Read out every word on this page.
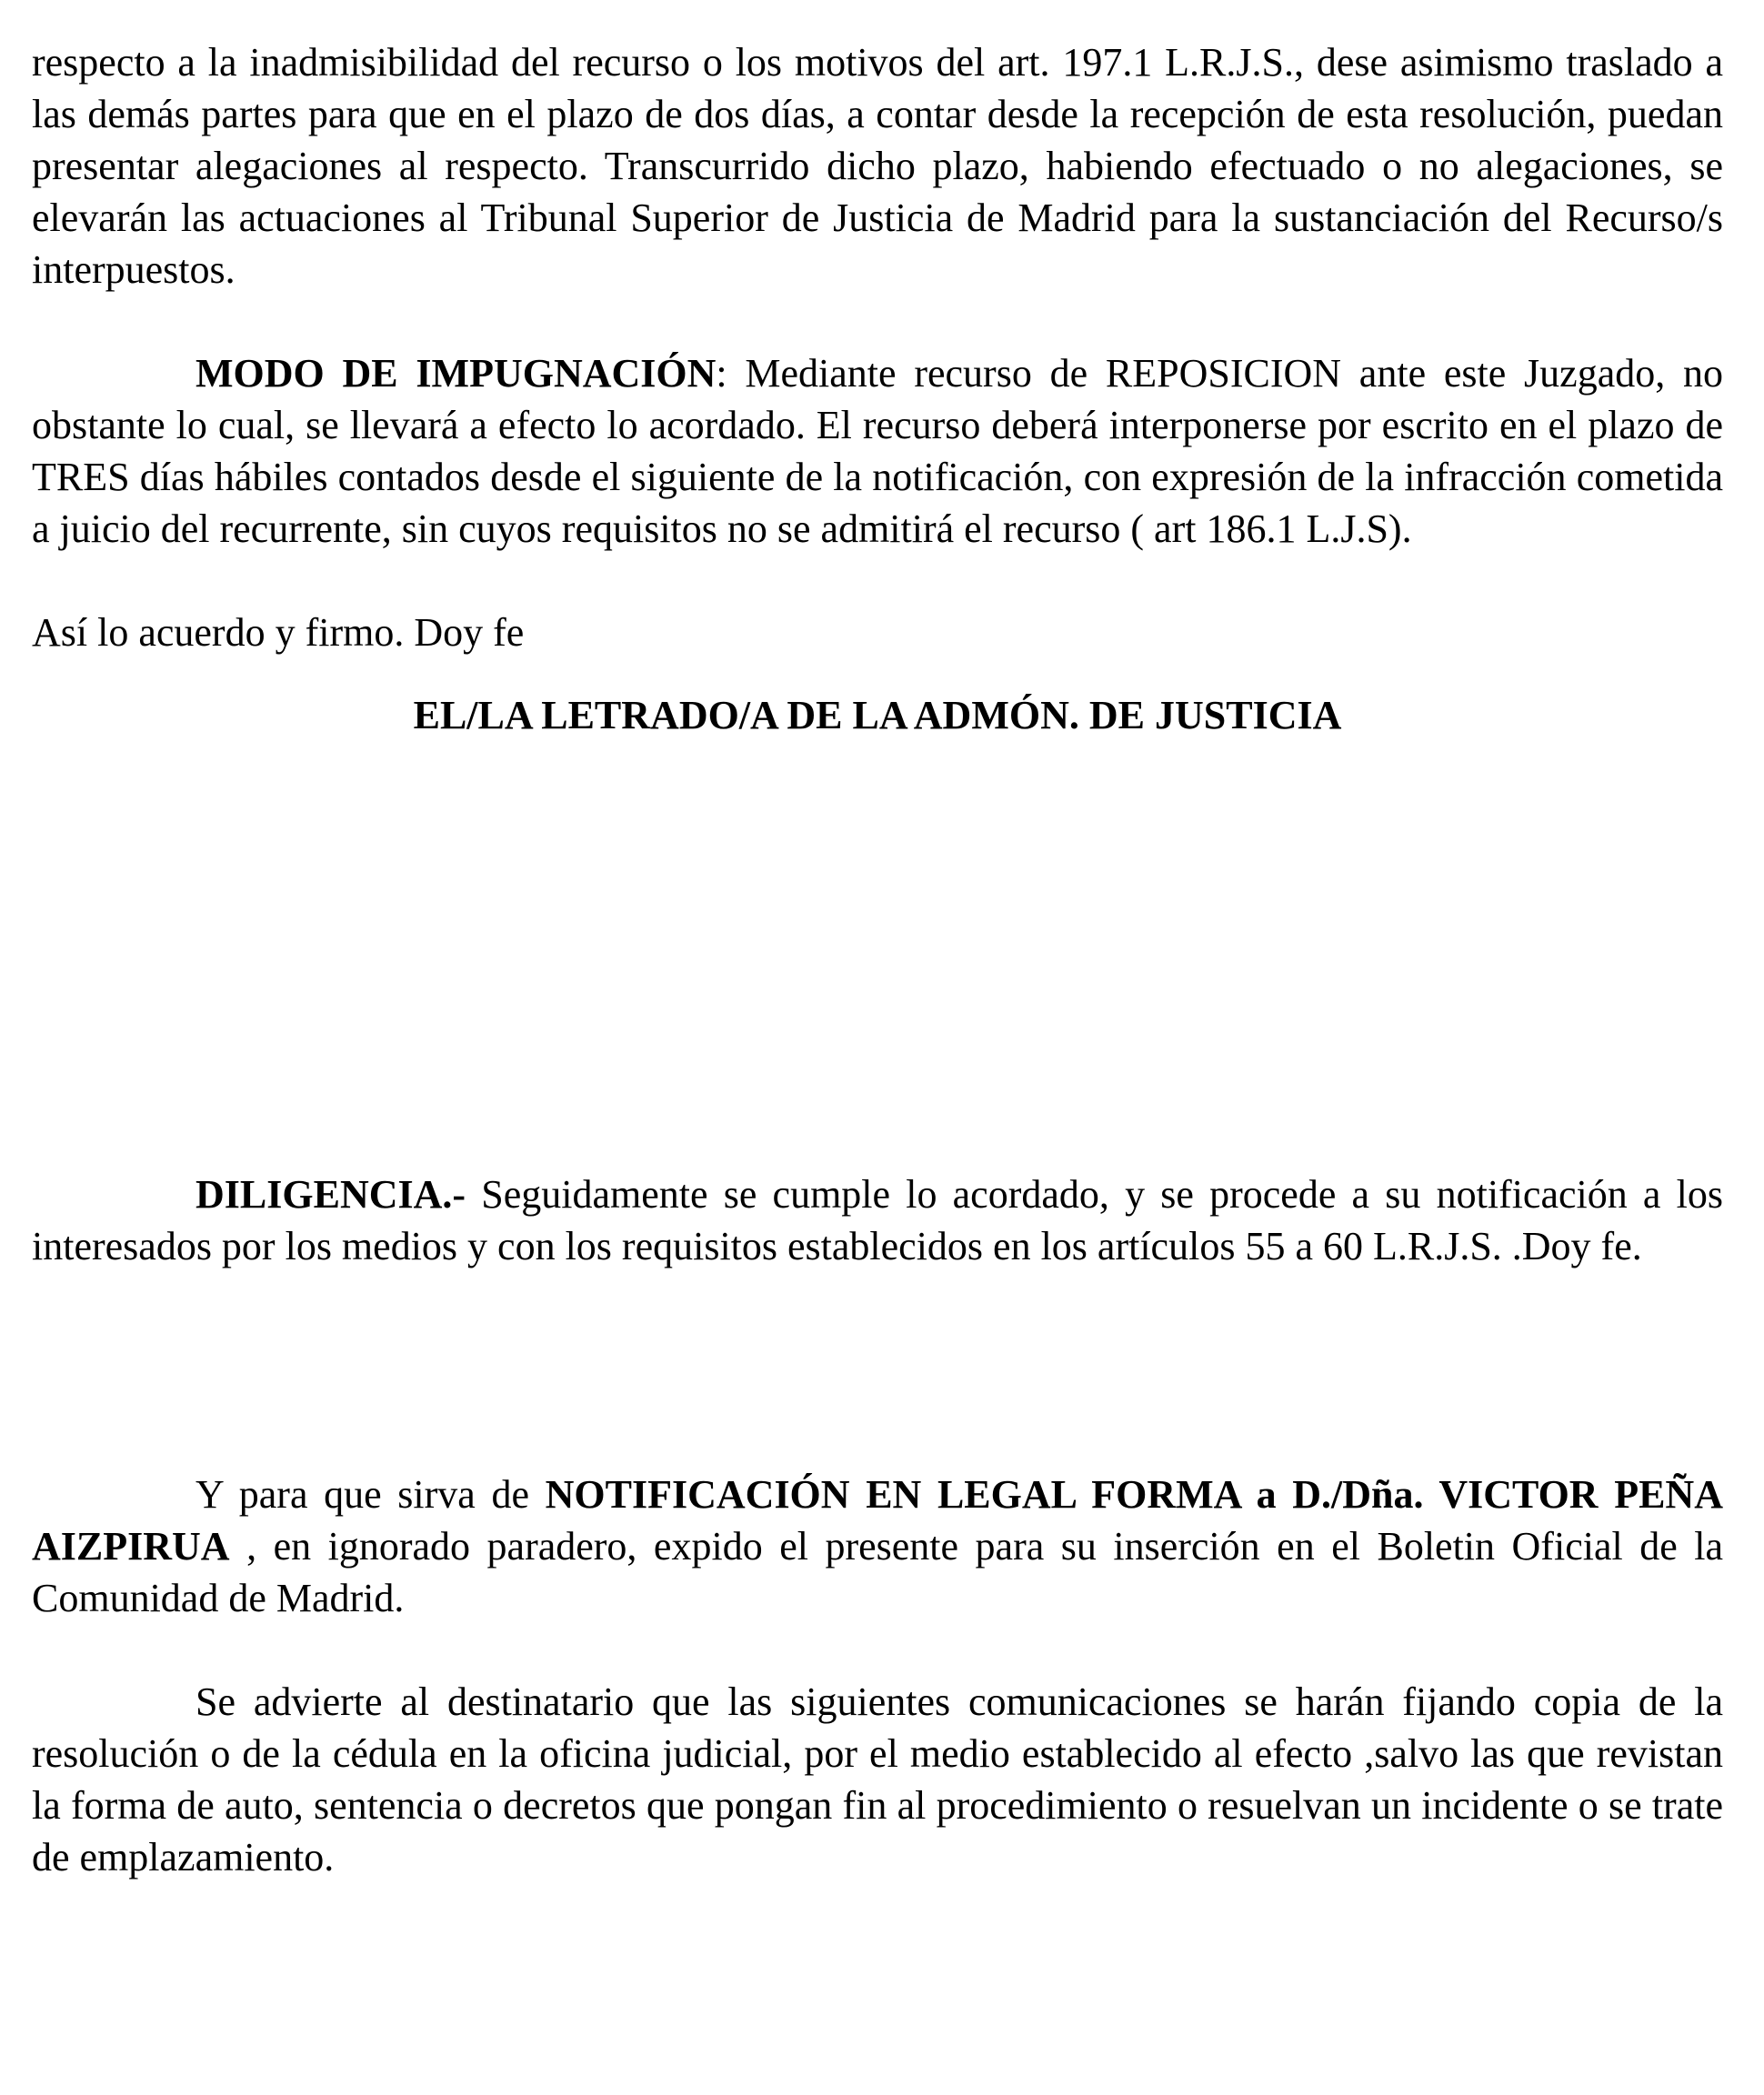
respecto a la inadmisibilidad del recurso o los motivos del art. 197.1 L.R.J.S., dese asimismo traslado a las demás partes para que en el plazo de dos días, a contar desde la recepción de esta resolución, puedan presentar alegaciones al respecto. Transcurrido dicho plazo, habiendo efectuado o no alegaciones, se elevarán las actuaciones al Tribunal Superior de Justicia de Madrid para la sustanciación del Recurso/s interpuestos.

MODO DE IMPUGNACIÓN: Mediante recurso de REPOSICION ante este Juzgado, no obstante lo cual, se llevará a efecto lo acordado. El recurso deberá interponerse por escrito en el plazo de TRES días hábiles contados desde el siguiente de la notificación, con expresión de la infracción cometida a juicio del recurrente, sin cuyos requisitos no se admitirá el recurso ( art 186.1 L.J.S).

Así lo acuerdo y firmo. Doy fe

EL/LA LETRADO/A DE LA ADMÓN. DE JUSTICIA

DILIGENCIA.- Seguidamente se cumple lo acordado, y se procede a su notificación a los interesados por los medios y con los requisitos establecidos en los artículos 55 a 60 L.R.J.S. .Doy fe.

Y para que sirva de NOTIFICACIÓN EN LEGAL FORMA a D./Dña. VICTOR PEÑA AIZPIRUA , en ignorado paradero, expido el presente para su inserción en el Boletin Oficial de la Comunidad de Madrid.

Se advierte al destinatario que las siguientes comunicaciones se harán fijando copia de la resolución o de la cédula en la oficina judicial, por el medio establecido al efecto ,salvo las que revistan la forma de auto, sentencia o decretos que pongan fin al procedimiento o resuelvan un incidente o se trate de emplazamiento.
